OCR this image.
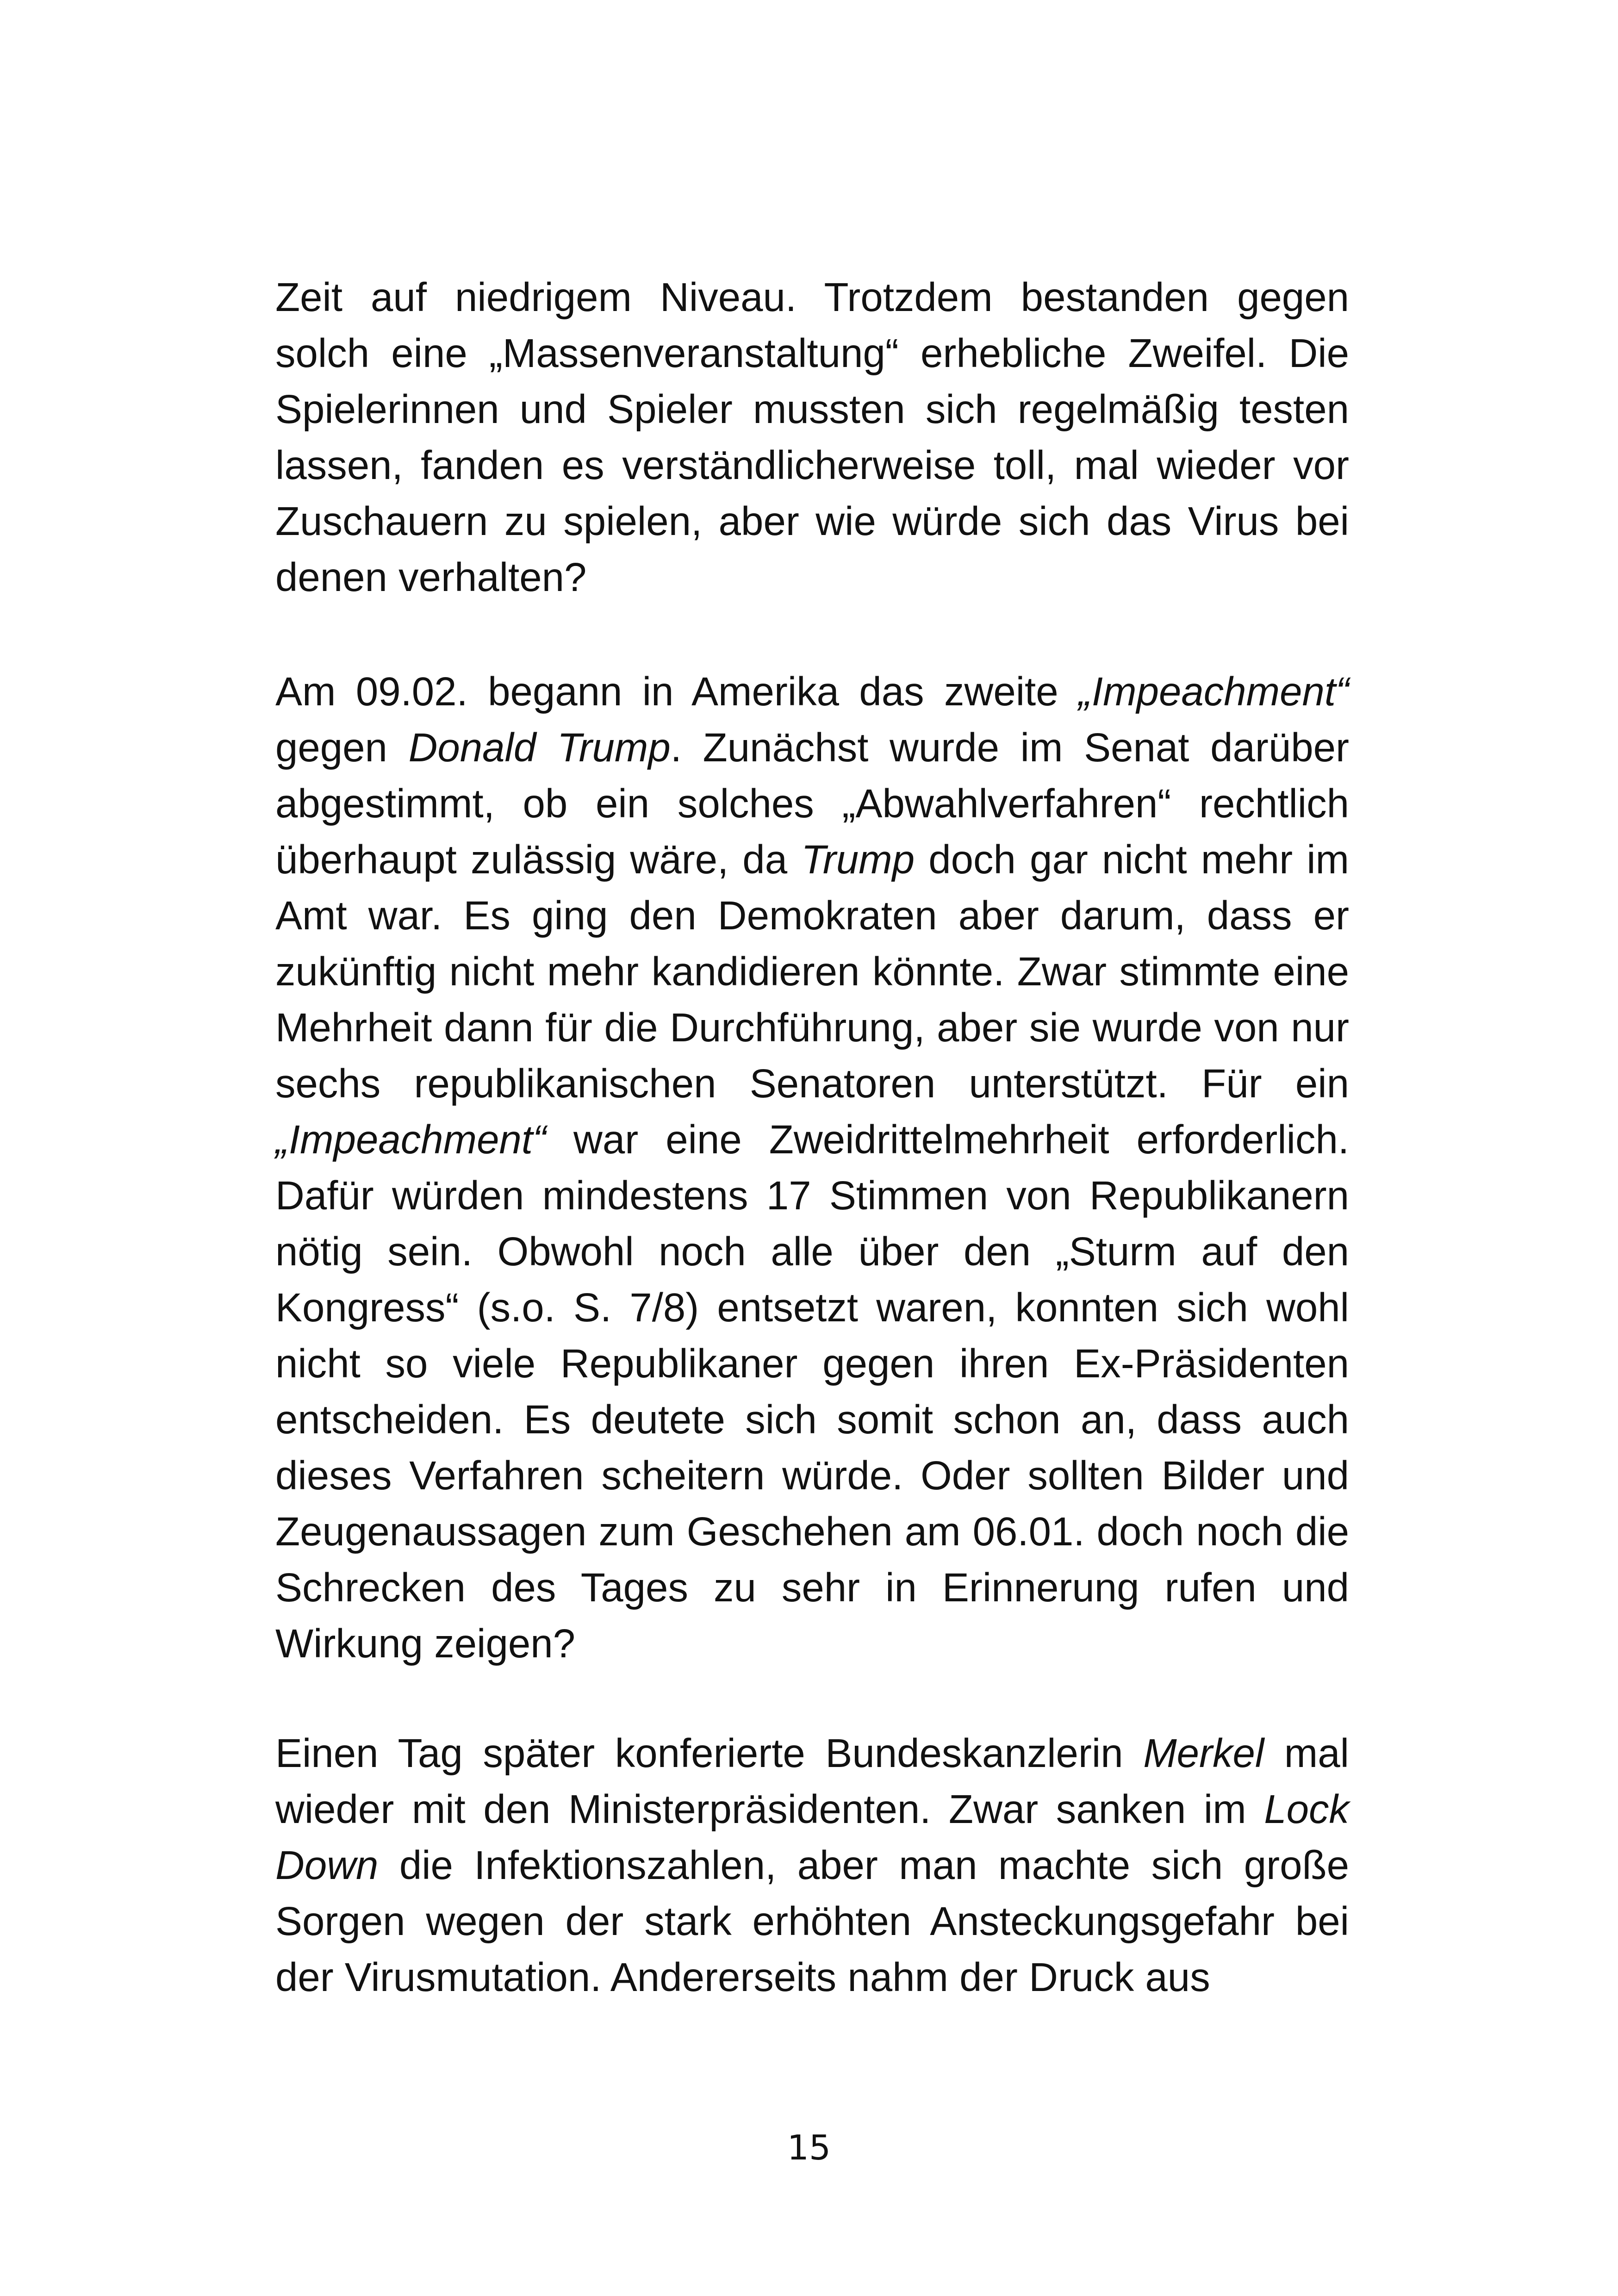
Zeit auf niedrigem Niveau. Trotzdem bestanden gegen solch eine „Massenveranstaltung“ erhebliche Zweifel. Die Spielerinnen und Spieler mussten sich regelmäßig testen lassen, fanden es verständlicherweise toll, mal wieder vor Zuschauern zu spielen, aber wie würde sich das Virus bei denen verhalten?

Am 09.02. begann in Amerika das zweite „Impeachment“ gegen Donald Trump. Zunächst wurde im Senat darüber abgestimmt, ob ein solches „Abwahlverfahren“ rechtlich überhaupt zulässig wäre, da Trump doch gar nicht mehr im Amt war. Es ging den Demokraten aber darum, dass er zukünftig nicht mehr kandidieren könnte. Zwar stimmte eine Mehrheit dann für die Durchführung, aber sie wurde von nur sechs republikanischen Senatoren unterstützt. Für ein „Impeachment“ war eine Zweidrittelmehrheit erforderlich. Dafür würden mindestens 17 Stimmen von Republikanern nötig sein. Obwohl noch alle über den „Sturm auf den Kongress“ (s.o. S. 7/8) entsetzt waren, konnten sich wohl nicht so viele Republikaner gegen ihren Ex-Präsidenten entscheiden. Es deutete sich somit schon an, dass auch dieses Verfahren scheitern würde. Oder sollten Bilder und Zeugenaussagen zum Geschehen am 06.01. doch noch die Schrecken des Tages zu sehr in Erinnerung rufen und Wirkung zeigen?

Einen Tag später konferierte Bundeskanzlerin Merkel mal wieder mit den Ministerpräsidenten. Zwar sanken im Lock Down die Infektionszahlen, aber man machte sich große Sorgen wegen der stark erhöhten Ansteckungsgefahr bei der Virusmutation. Andererseits nahm der Druck aus

15
